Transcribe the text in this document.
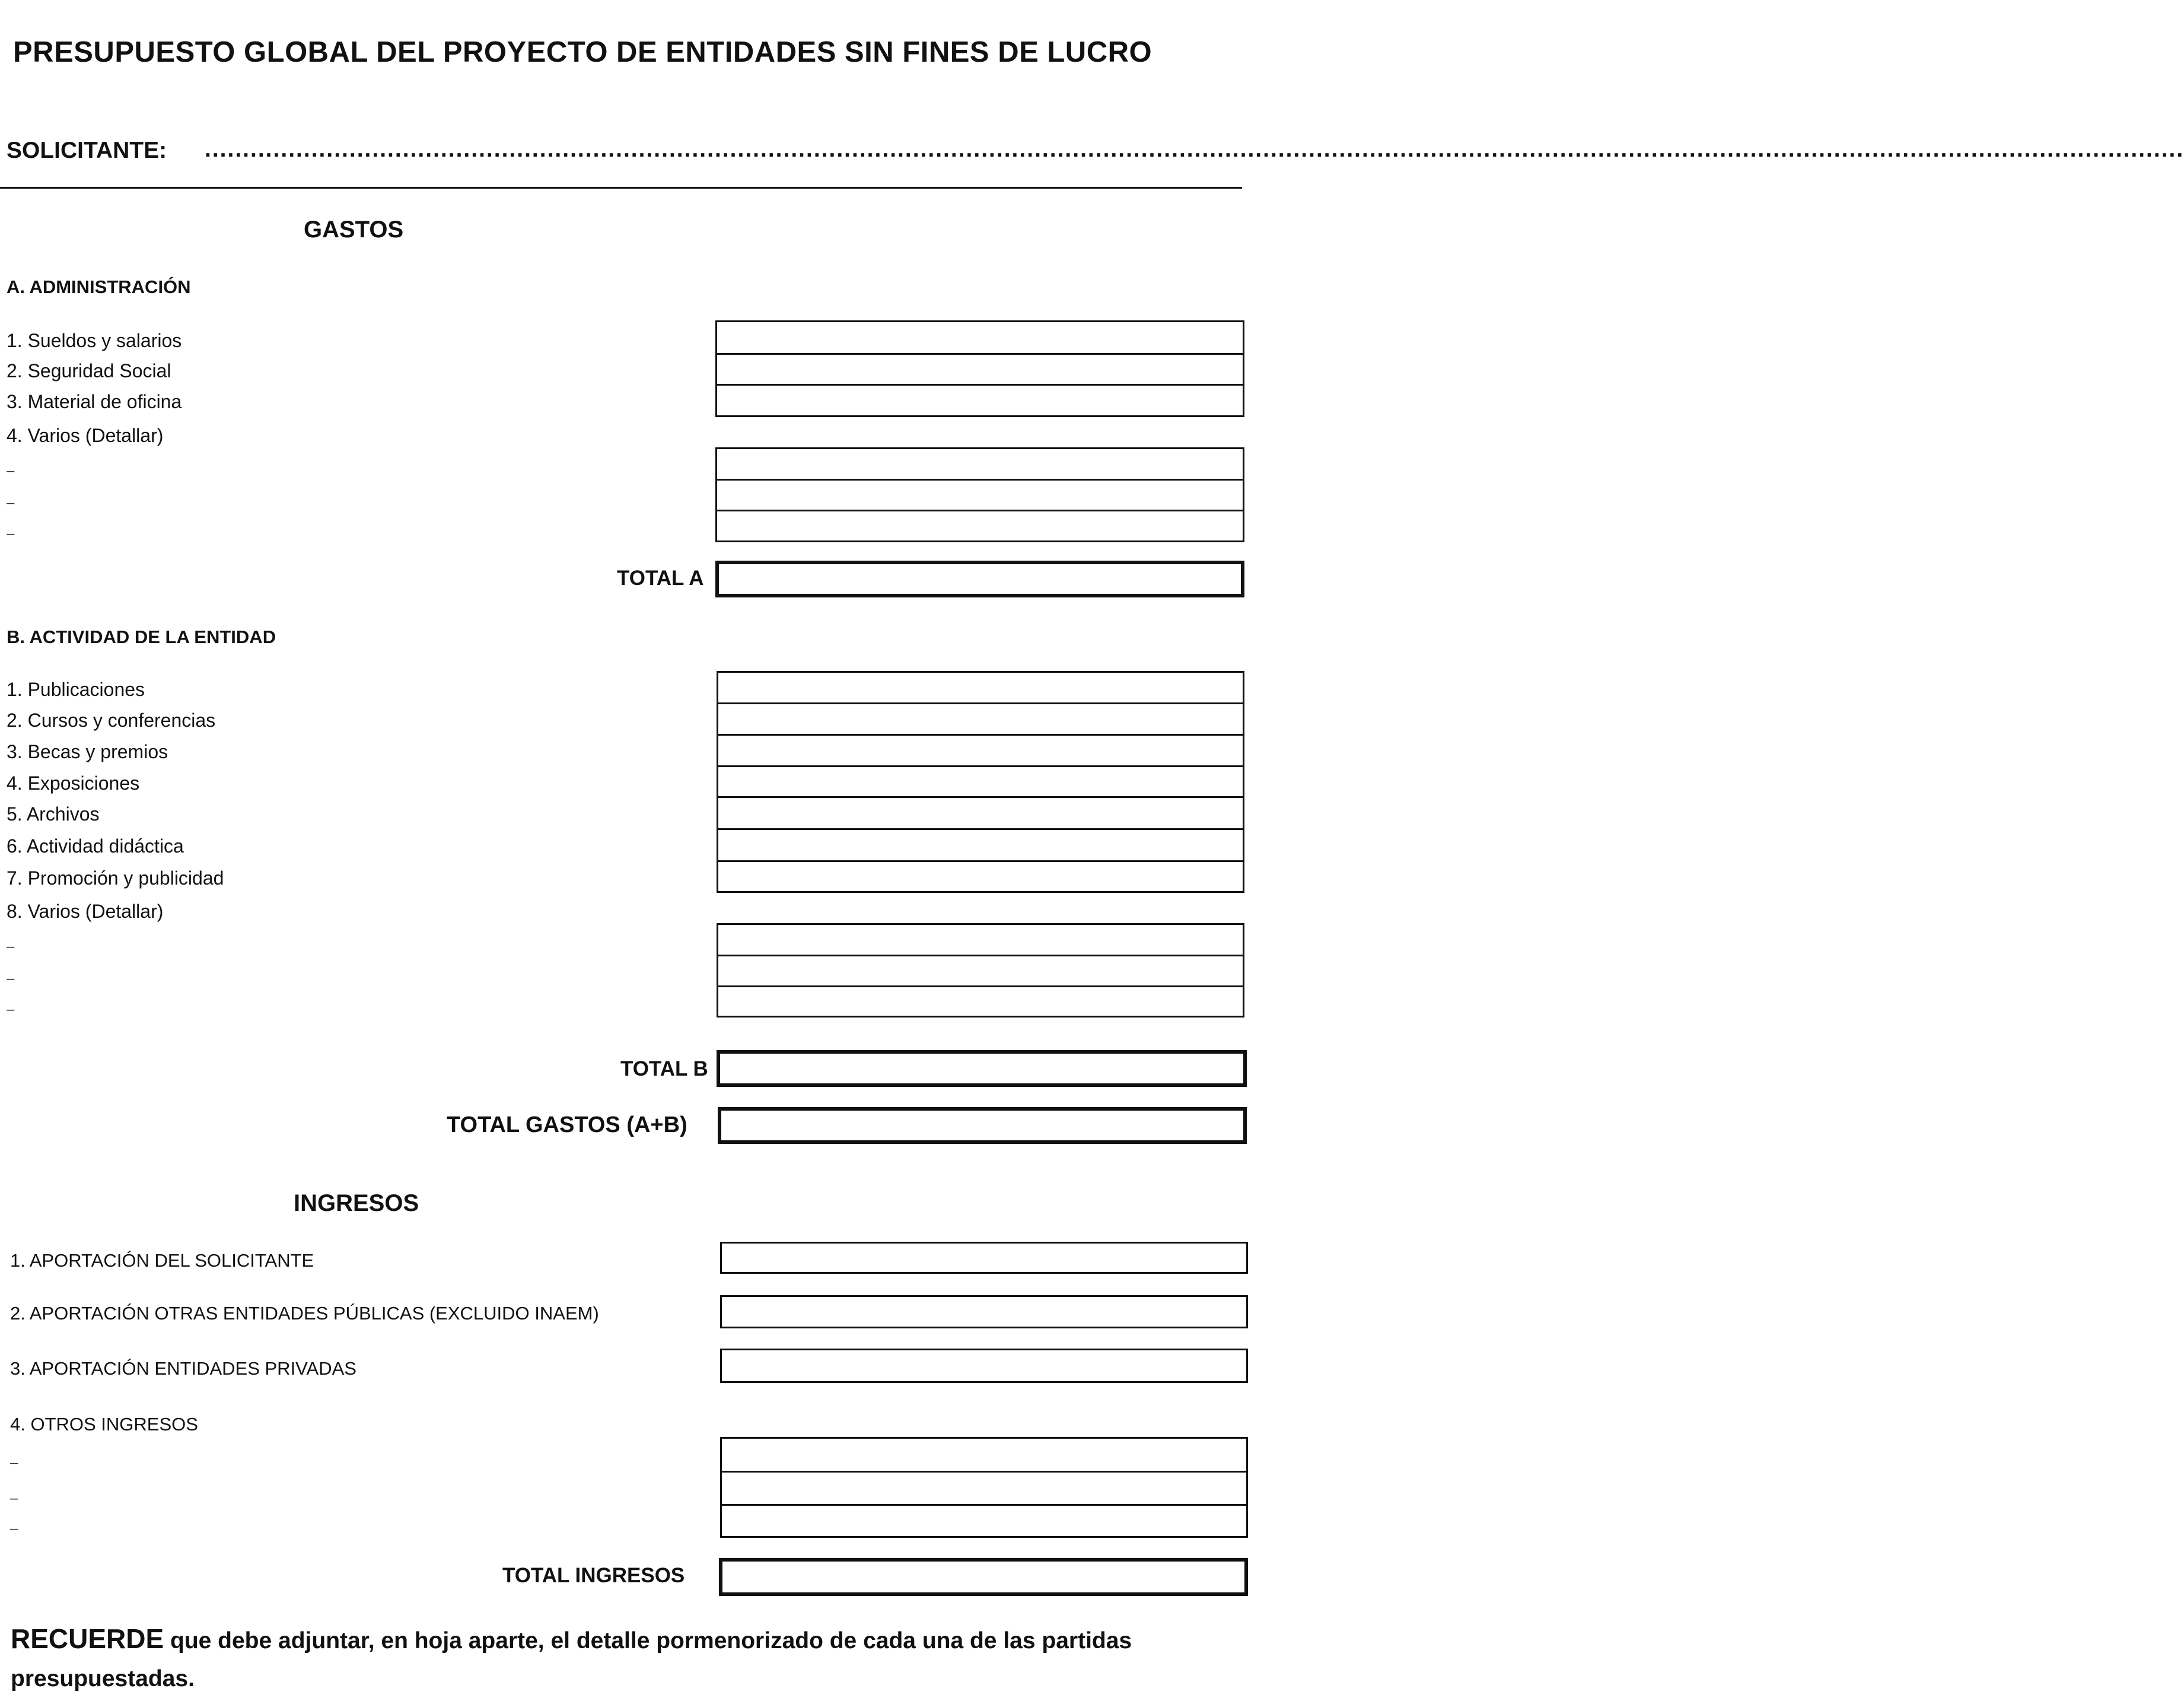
PRESUPUESTO GLOBAL DEL PROYECTO DE ENTIDADES SIN FINES DE LUCRO
SOLICITANTE: ....................................................................................................................................................................................................................................................................
GASTOS
A. ADMINISTRACIÓN
1. Sueldos y salarios
2. Seguridad Social
3. Material de oficina
4. Varios (Detallar)
–
–
–
TOTAL A
B. ACTIVIDAD DE LA ENTIDAD
1. Publicaciones
2. Cursos y conferencias
3. Becas y premios
4. Exposiciones
5. Archivos
6. Actividad didáctica
7. Promoción y publicidad
8. Varios (Detallar)
–
–
–
TOTAL B
TOTAL GASTOS (A+B)
INGRESOS
1. APORTACIÓN DEL SOLICITANTE
2. APORTACIÓN OTRAS ENTIDADES PÚBLICAS (EXCLUIDO INAEM)
3. APORTACIÓN ENTIDADES PRIVADAS
4. OTROS INGRESOS
–
–
–
TOTAL INGRESOS
RECUERDE que debe adjuntar, en hoja aparte, el detalle pormenorizado de cada una de las partidas presupuestadas.
